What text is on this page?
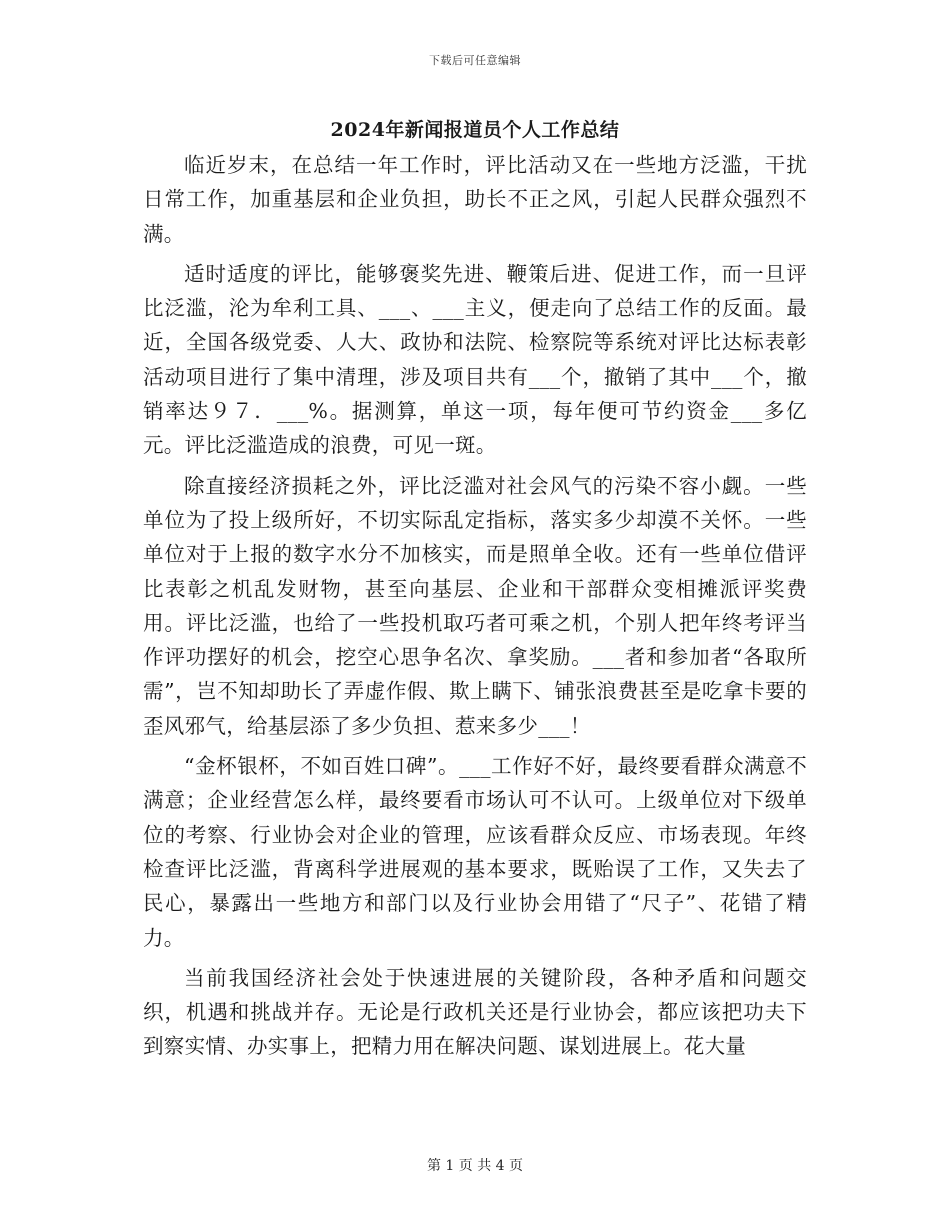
下载后可任意编辑
2024年新闻报道员个人工作总结

临近岁末，在总结一年工作时，评比活动又在一些地方泛滥，干扰日常工作，加重基层和企业负担，助长不正之风，引起人民群众强烈不满。

适时适度的评比，能够褒奖先进、鞭策后进、促进工作，而一旦评比泛滥，沦为牟利工具、___、___主义，便走向了总结工作的反面。最近，全国各级党委、人大、政协和法院、检察院等系统对评比达标表彰活动项目进行了集中清理，涉及项目共有___个，撤销了其中___个，撤销率达９７．___%。据测算，单这一项，每年便可节约资金___多亿元。评比泛滥造成的浪费，可见一斑。

除直接经济损耗之外，评比泛滥对社会风气的污染不容小觑。一些单位为了投上级所好，不切实际乱定指标，落实多少却漠不关怀。一些单位对于上报的数字水分不加核实，而是照单全收。还有一些单位借评比表彰之机乱发财物，甚至向基层、企业和干部群众变相摊派评奖费用。评比泛滥，也给了一些投机取巧者可乘之机，个别人把年终考评当作评功摆好的机会，挖空心思争名次、拿奖励。___者和参加者“各取所需”，岂不知却助长了弄虚作假、欺上瞒下、铺张浪费甚至是吃拿卡要的歪风邪气，给基层添了多少负担、惹来多少___！

“金杯银杯，不如百姓口碑”。___工作好不好，最终要看群众满意不满意；企业经营怎么样，最终要看市场认可不认可。上级单位对下级单位的考察、行业协会对企业的管理，应该看群众反应、市场表现。年终检查评比泛滥，背离科学进展观的基本要求，既贻误了工作，又失去了民心，暴露出一些地方和部门以及行业协会用错了“尺子”、花错了精力。

当前我国经济社会处于快速进展的关键阶段，各种矛盾和问题交织，机遇和挑战并存。无论是行政机关还是行业协会，都应该把功夫下到察实情、办实事上，把精力用在解决问题、谋划进展上。花大量

第 1 页 共 4 页
